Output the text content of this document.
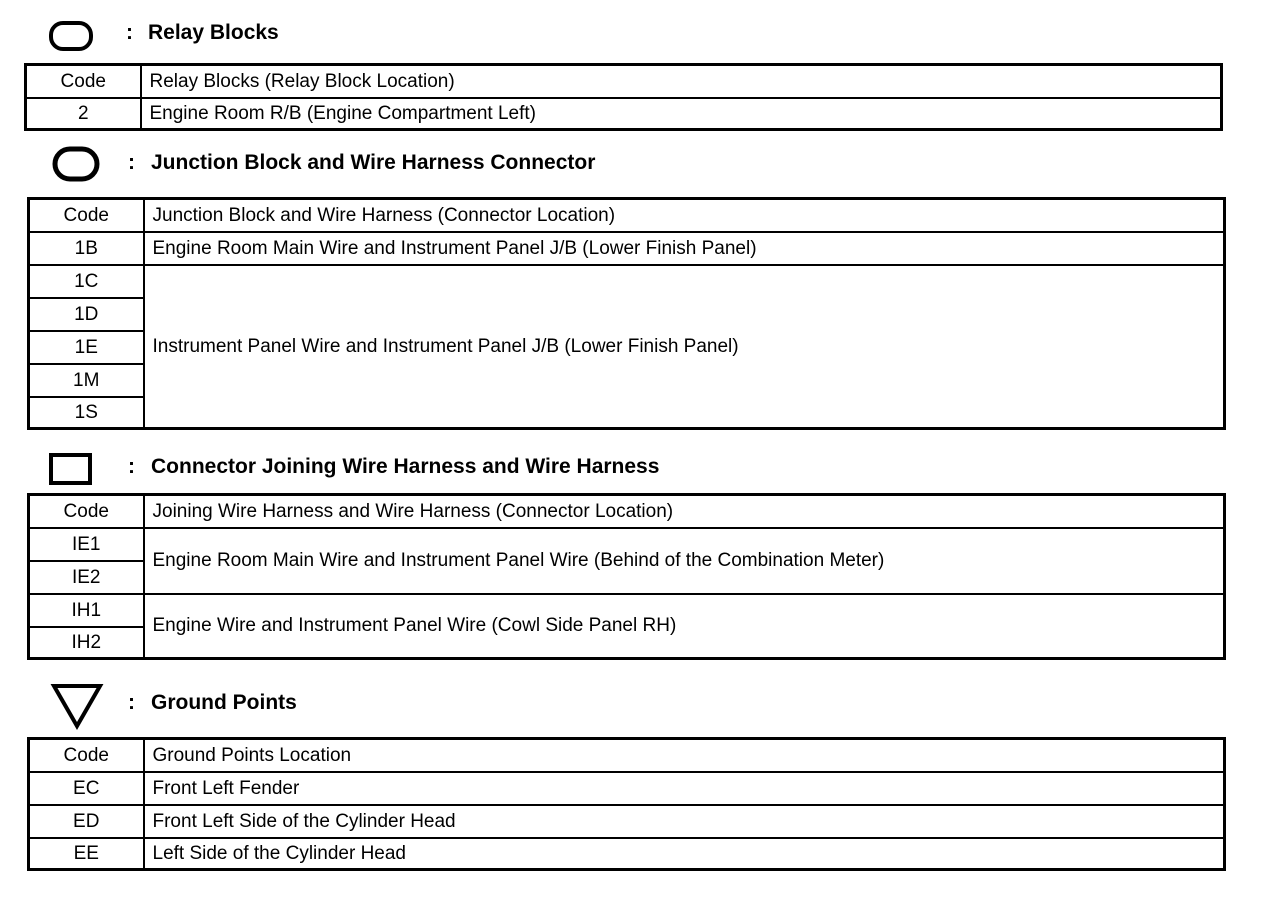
: Relay Blocks
Code	Relay Blocks (Relay Block Location)
2	Engine Room R/B (Engine Compartment Left)
: Junction Block and Wire Harness Connector
Code	Junction Block and Wire Harness (Connector Location)
1B	Engine Room Main Wire and Instrument Panel J/B (Lower Finish Panel)
1C	Instrument Panel Wire and Instrument Panel J/B (Lower Finish Panel)
1D	
1E	
1M	
1S	
: Connector Joining Wire Harness and Wire Harness
Code	Joining Wire Harness and Wire Harness (Connector Location)
IE1	Engine Room Main Wire and Instrument Panel Wire (Behind of the Combination Meter)
IE2	
IH1	Engine Wire and Instrument Panel Wire (Cowl Side Panel RH)
IH2	
: Ground Points
Code	Ground Points Location
EC	Front Left Fender
ED	Front Left Side of the Cylinder Head
EE	Left Side of the Cylinder Head
